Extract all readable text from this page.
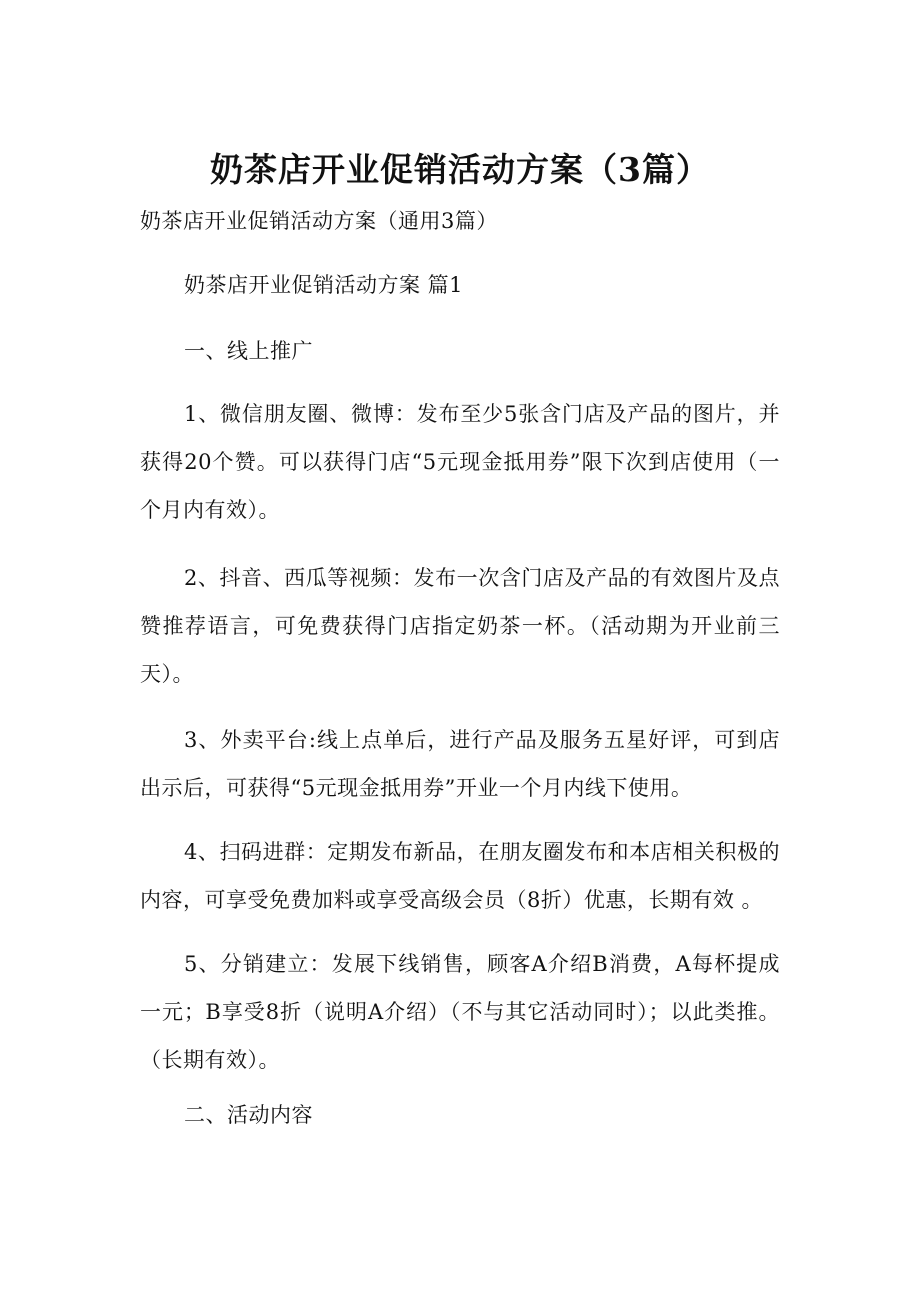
奶茶店开业促销活动方案（3篇）

奶茶店开业促销活动方案（通用3篇）

奶茶店开业促销活动方案 篇1

一、线上推广

1、微信朋友圈、微博：发布至少5张含门店及产品的图片，并获得20个赞。可以获得门店“5元现金抵用券”限下次到店使用（一个月内有效）。

2、抖音、西瓜等视频：发布一次含门店及产品的有效图片及点赞推荐语言，可免费获得门店指定奶茶一杯。（活动期为开业前三天）。

3、外卖平台:线上点单后，进行产品及服务五星好评，可到店出示后，可获得“5元现金抵用券”开业一个月内线下使用。

4、扫码进群：定期发布新品，在朋友圈发布和本店相关积极的内容，可享受免费加料或享受高级会员（8折）优惠，长期有效 。

5、分销建立：发展下线销售，顾客A介绍B消费，A每杯提成一元；B享受8折（说明A介绍）（不与其它活动同时）；以此类推。（长期有效）。

二、活动内容
